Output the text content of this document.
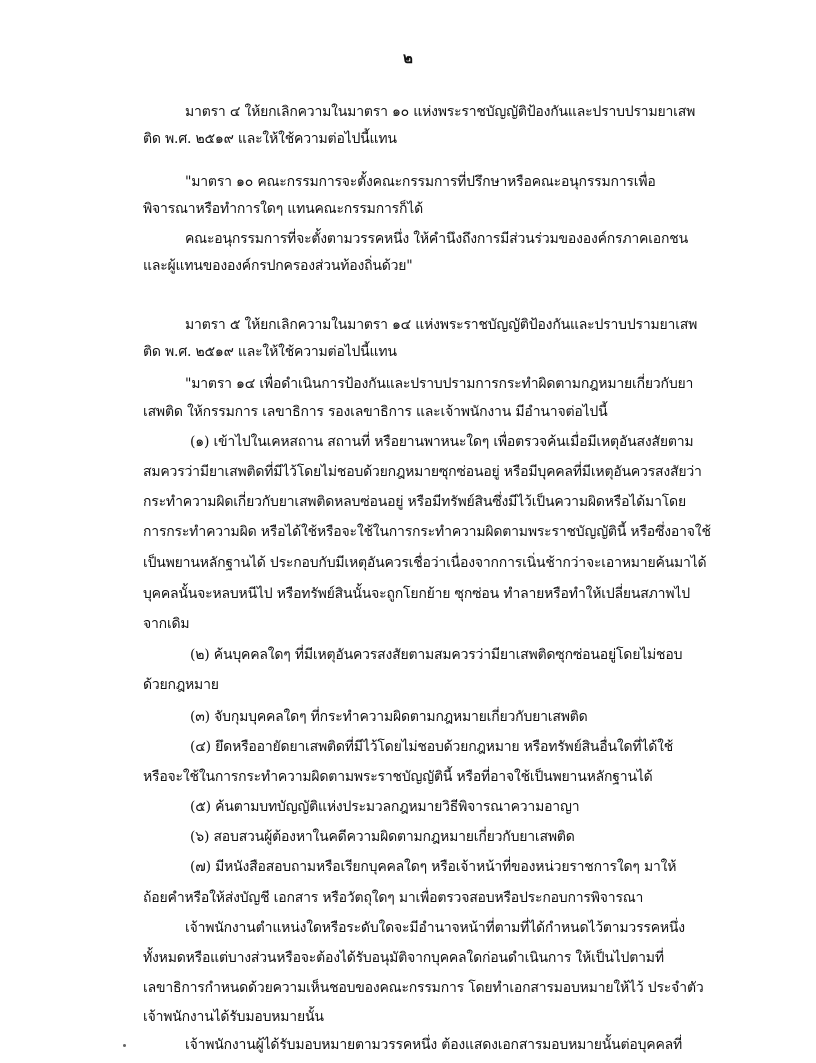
๒
มาตรา ๔ ให้ยกเลิกความในมาตรา ๑๐ แห่งพระราชบัญญัติป้องกันและปราบปรามยาเสพ
ติด พ.ศ. ๒๕๑๙ และให้ใช้ความต่อไปนี้แทน
"มาตรา ๑๐ คณะกรรมการจะตั้งคณะกรรมการที่ปรึกษาหรือคณะอนุกรรมการเพื่อ
พิจารณาหรือทำการใดๆ แทนคณะกรรมการก็ได้
คณะอนุกรรมการที่จะตั้งตามวรรคหนึ่ง ให้คำนึงถึงการมีส่วนร่วมขององค์กรภาคเอกชน
และผู้แทนขององค์กรปกครองส่วนท้องถิ่นด้วย"
มาตรา ๕ ให้ยกเลิกความในมาตรา ๑๔ แห่งพระราชบัญญัติป้องกันและปราบปรามยาเสพ
ติด พ.ศ. ๒๕๑๙ และให้ใช้ความต่อไปนี้แทน
"มาตรา ๑๔ เพื่อดำเนินการป้องกันและปราบปรามการกระทำผิดตามกฎหมายเกี่ยวกับยา
เสพติด ให้กรรมการ เลขาธิการ รองเลขาธิการ และเจ้าพนักงาน มีอำนาจต่อไปนี้
(๑) เข้าไปในเคหสถาน สถานที่ หรือยานพาหนะใดๆ เพื่อตรวจค้นเมื่อมีเหตุอันสงสัยตาม
สมควรว่ามียาเสพติดที่มีไว้โดยไม่ชอบด้วยกฎหมายซุกซ่อนอยู่ หรือมีบุคคลที่มีเหตุอันควรสงสัยว่า
กระทำความผิดเกี่ยวกับยาเสพติดหลบซ่อนอยู่ หรือมีทรัพย์สินซึ่งมีไว้เป็นความผิดหรือได้มาโดย
การกระทำความผิด หรือได้ใช้หรือจะใช้ในการกระทำความผิดตามพระราชบัญญัตินี้ หรือซึ่งอาจใช้
เป็นพยานหลักฐานได้ ประกอบกับมีเหตุอันควรเชื่อว่าเนื่องจากการเนิ่นช้ากว่าจะเอาหมายค้นมาได้
บุคคลนั้นจะหลบหนีไป หรือทรัพย์สินนั้นจะถูกโยกย้าย ซุกซ่อน ทำลายหรือทำให้เปลี่ยนสภาพไป
จากเดิม
(๒) ค้นบุคคลใดๆ ที่มีเหตุอันควรสงสัยตามสมควรว่ามียาเสพติดซุกซ่อนอยู่โดยไม่ชอบ
ด้วยกฎหมาย
(๓) จับกุมบุคคลใดๆ ที่กระทำความผิดตามกฎหมายเกี่ยวกับยาเสพติด
(๔) ยึดหรืออายัดยาเสพติดที่มีไว้โดยไม่ชอบด้วยกฎหมาย หรือทรัพย์สินอื่นใดที่ได้ใช้
หรือจะใช้ในการกระทำความผิดตามพระราชบัญญัตินี้ หรือที่อาจใช้เป็นพยานหลักฐานได้
(๕) ค้นตามบทบัญญัติแห่งประมวลกฎหมายวิธีพิจารณาความอาญา
(๖) สอบสวนผู้ต้องหาในคดีความผิดตามกฎหมายเกี่ยวกับยาเสพติด
(๗) มีหนังสือสอบถามหรือเรียกบุคคลใดๆ หรือเจ้าหน้าที่ของหน่วยราชการใดๆ มาให้
ถ้อยคำหรือให้ส่งบัญชี เอกสาร หรือวัตถุใดๆ มาเพื่อตรวจสอบหรือประกอบการพิจารณา
เจ้าพนักงานตำแหน่งใดหรือระดับใดจะมีอำนาจหน้าที่ตามที่ได้กำหนดไว้ตามวรรคหนึ่ง
ทั้งหมดหรือแต่บางส่วนหรือจะต้องได้รับอนุมัติจากบุคคลใดก่อนดำเนินการ ให้เป็นไปตามที่
เลขาธิการกำหนดด้วยความเห็นชอบของคณะกรรมการ โดยทำเอกสารมอบหมายให้ไว้ ประจำตัว
เจ้าพนักงานได้รับมอบหมายนั้น
เจ้าพนักงานผู้ได้รับมอบหมายตามวรรคหนึ่ง ต้องแสดงเอกสารมอบหมายนั้นต่อบุคคลที่
